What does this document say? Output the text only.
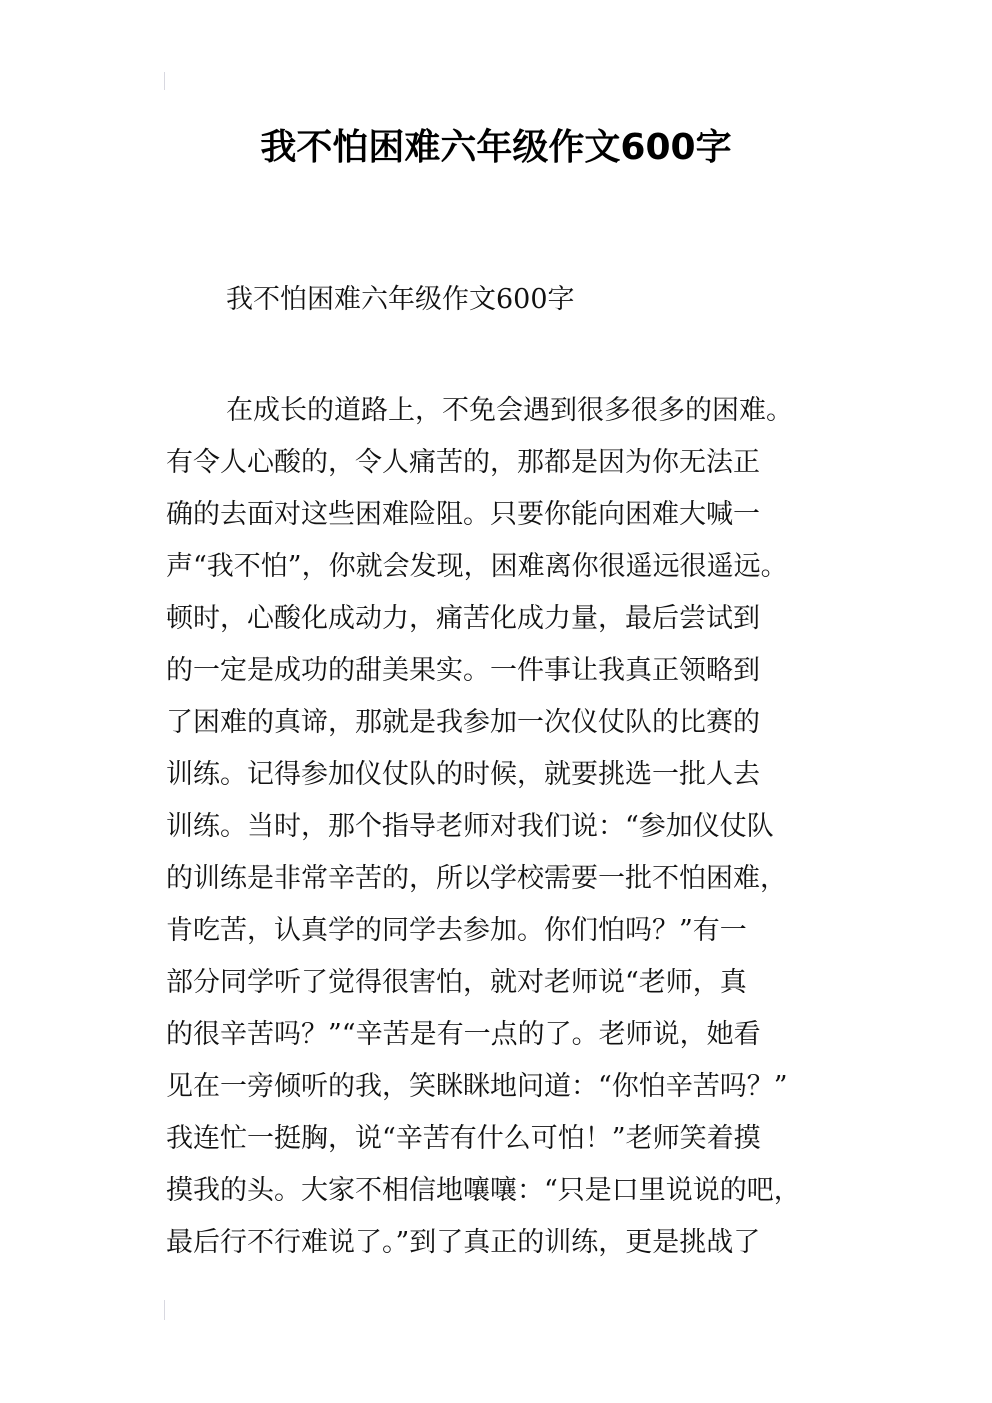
我不怕困难六年级作文600字
我不怕困难六年级作文600字
在成长的道路上，不免会遇到很多很多的困难。
有令人心酸的，令人痛苦的，那都是因为你无法正
确的去面对这些困难险阻。只要你能向困难大喊一
声“我不怕”，你就会发现，困难离你很遥远很遥远。
顿时，心酸化成动力，痛苦化成力量，最后尝试到
的一定是成功的甜美果实。一件事让我真正领略到
了困难的真谛，那就是我参加一次仪仗队的比赛的
训练。记得参加仪仗队的时候，就要挑选一批人去
训练。当时，那个指导老师对我们说：“参加仪仗队
的训练是非常辛苦的，所以学校需要一批不怕困难，
肯吃苦，认真学的同学去参加。你们怕吗？”有一
部分同学听了觉得很害怕，就对老师说“老师，真
的很辛苦吗？”“辛苦是有一点的了。老师说，她看
见在一旁倾听的我，笑眯眯地问道：“你怕辛苦吗？”
我连忙一挺胸，说“辛苦有什么可怕！”老师笑着摸
摸我的头。大家不相信地嚷嚷：“只是口里说说的吧，
最后行不行难说了。”到了真正的训练，更是挑战了
